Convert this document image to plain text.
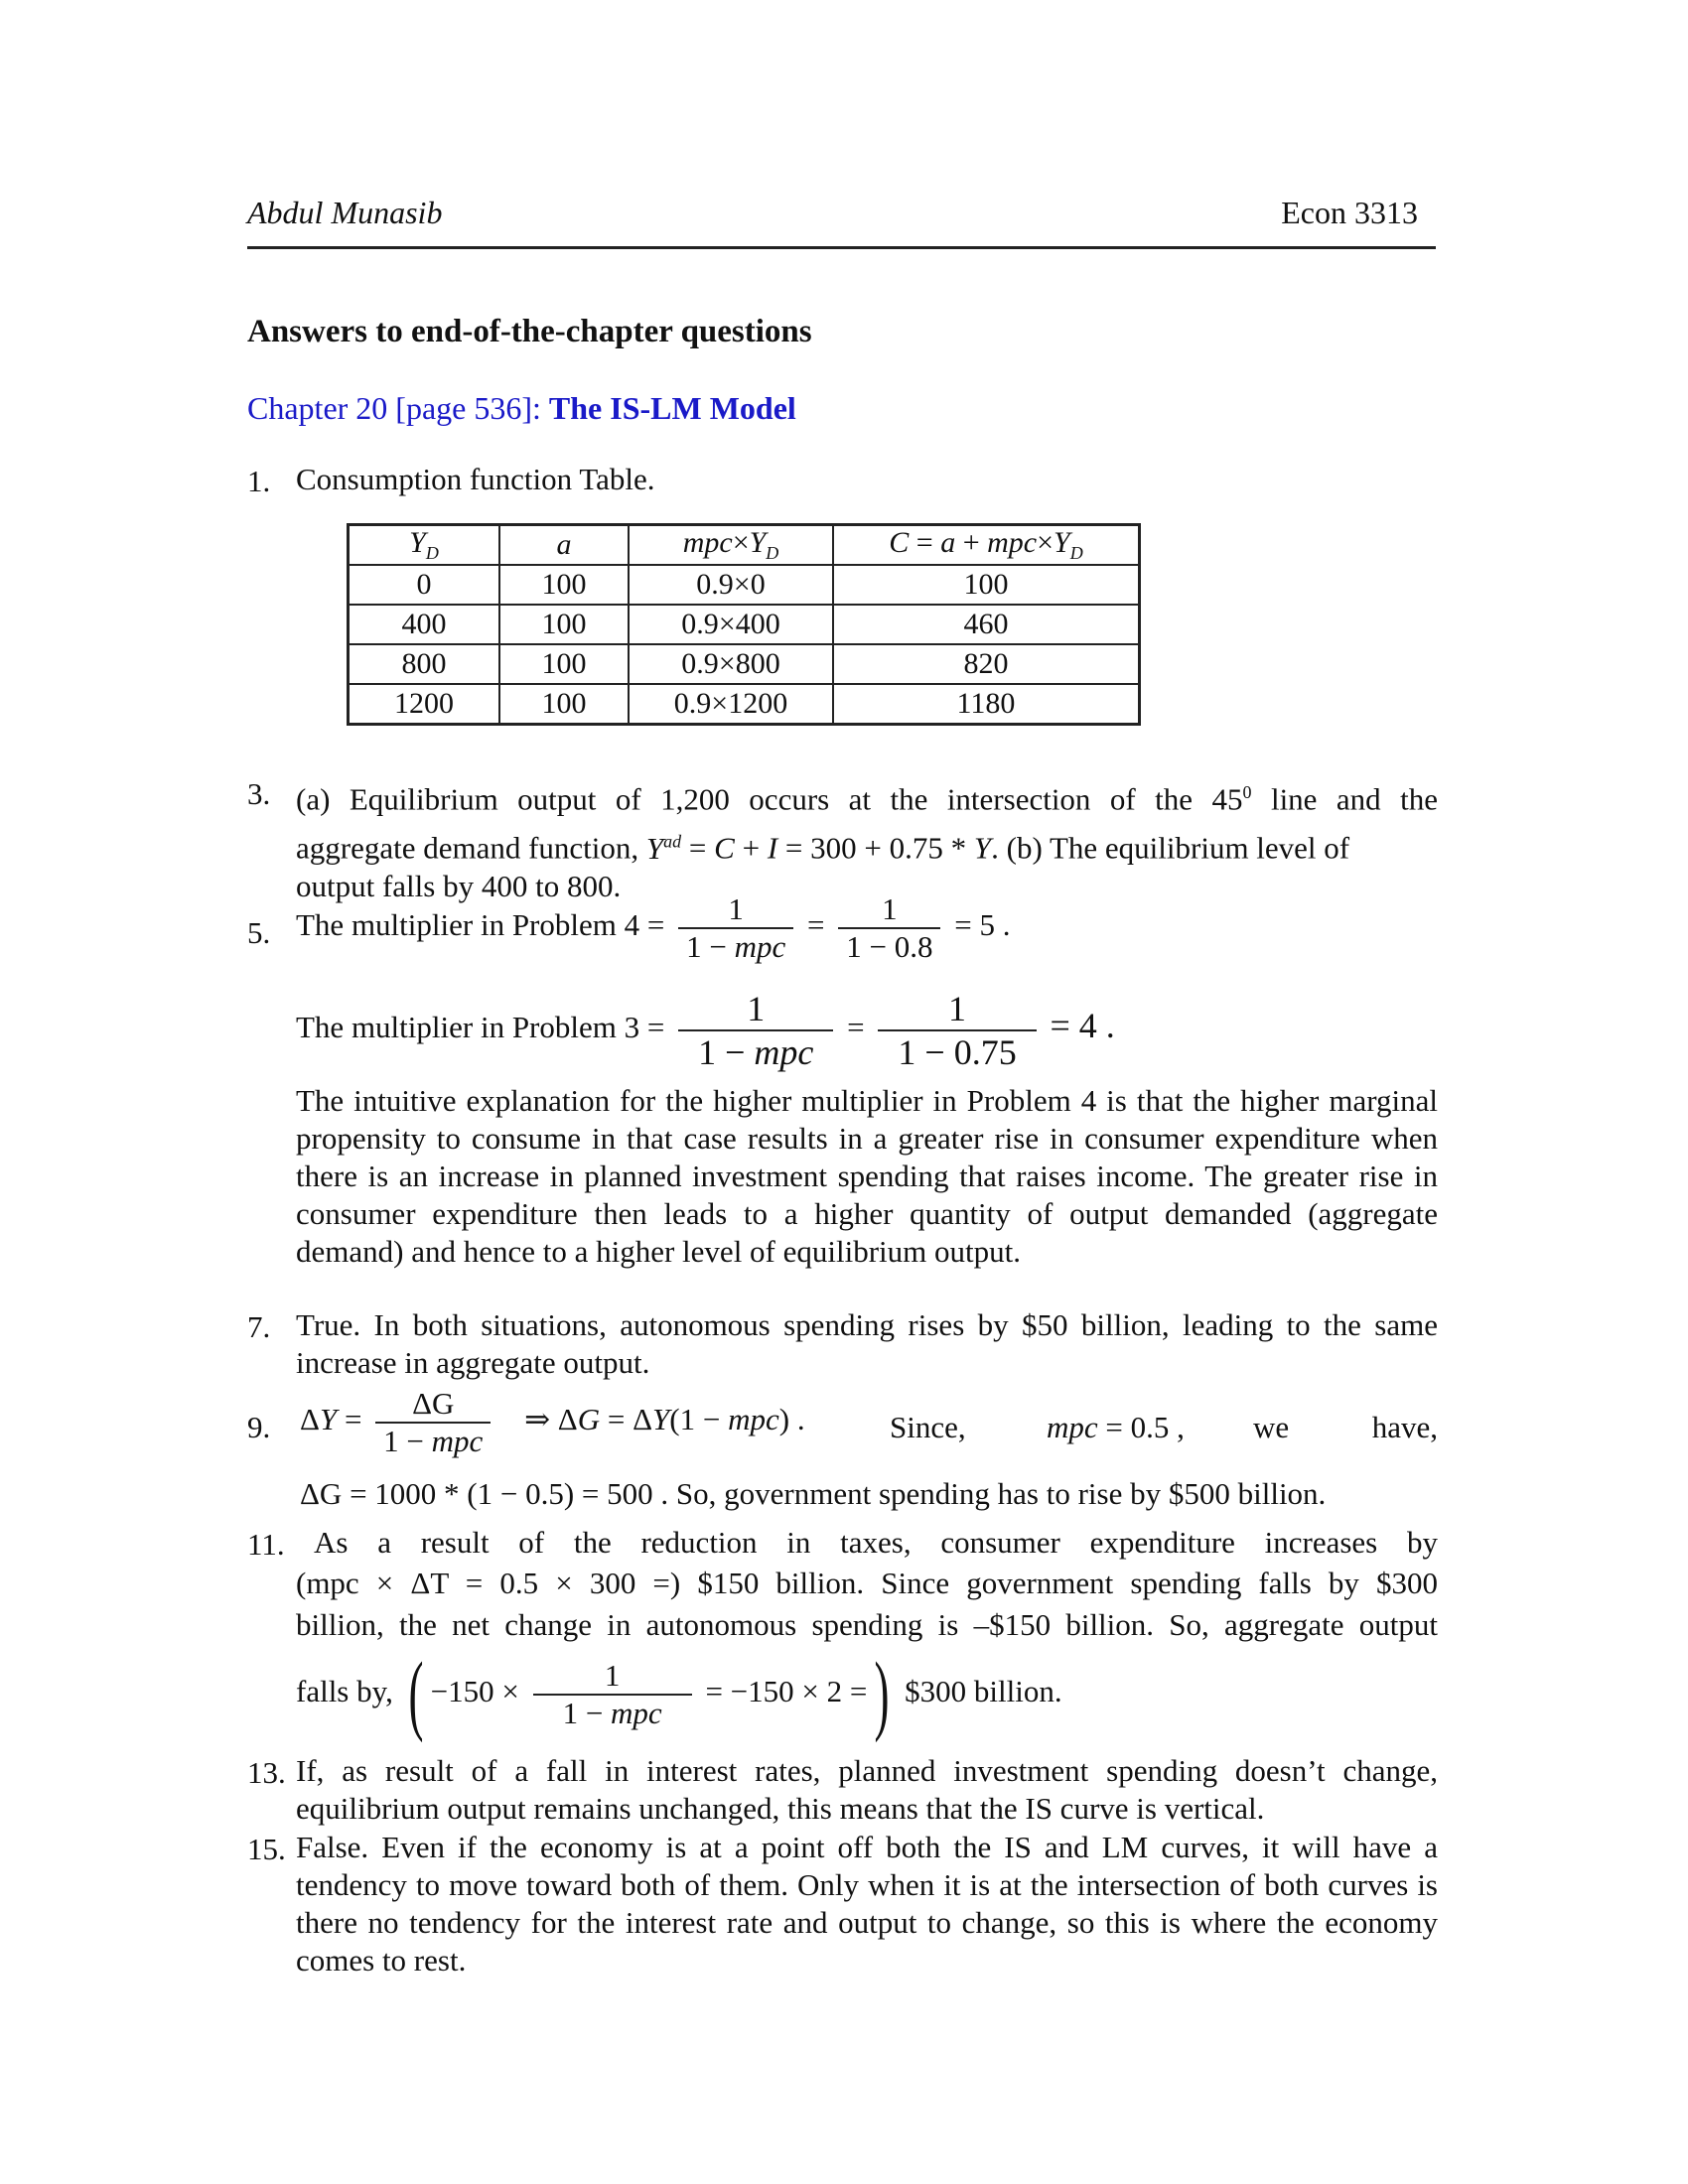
Abdul Munasib	Econ 3313
Answers to end-of-the-chapter questions
Chapter 20 [page 536]: The IS-LM Model
1. Consumption function Table.
$Y_D$	a	$mpc\times Y_D$	$C = a + mpc\times Y_D$
0	100	0.9×0	100
400	100	0.9×400	460
800	100	0.9×800	820
1200	100	0.9×1200	1180
3. (a) Equilibrium output of 1,200 occurs at the intersection of the $45^0$ line and the
aggregate demand function, $Y^{ad} = C + I = 300 + 0.75 * Y$. (b) The equilibrium level of
output falls by 400 to 800.
5. The multiplier in Problem $4 = \frac{1}{\text{1 − mpc}} = \frac{1}{1 - 0.8} = 5$ .
The multiplier in Problem $3 = \frac{1}{\text{1 − mpc}} = \frac{1}{1 - 0.75} = 4$ .
The intuitive explanation for the higher multiplier in Problem 4 is that the higher marginal propensity to consume in that case results in a greater rise in consumer expenditure when there is an increase in planned investment spending that raises income. The greater rise in consumer expenditure then leads to a higher quantity of output demanded (aggregate demand) and hence to a higher level of equilibrium output.
7. True. In both situations, autonomous spending rises by $50 billion, leading to the same increase in aggregate output.
9. $\Delta Y = \frac{\Delta G}{\text{1 − mpc}}$ ⇒ ΔG = ΔY(1 − mpc) .	Since,	mpc = 0.5 , we	have,
ΔG = 1000 * (1 − 0.5) = 500 . So, government spending has to rise by $500 billion.
11. As a result of the reduction in taxes, consumer expenditure increases by
(mpc × ΔT = 0.5 × 300 =) $150 billion. Since government spending falls by $300
billion, the net change in autonomous spending is –$150 billion. So, aggregate output
falls by, ( $-150 \times \frac{1}{\text{1 − mpc}} = -150 \times 2$ =) $300 billion.
13. If, as result of a fall in interest rates, planned investment spending doesn’t change, equilibrium output remains unchanged, this means that the IS curve is vertical.
15. False. Even if the economy is at a point off both the IS and LM curves, it will have a tendency to move toward both of them. Only when it is at the intersection of both curves is there no tendency for the interest rate and output to change, so this is where the economy comes to rest.
